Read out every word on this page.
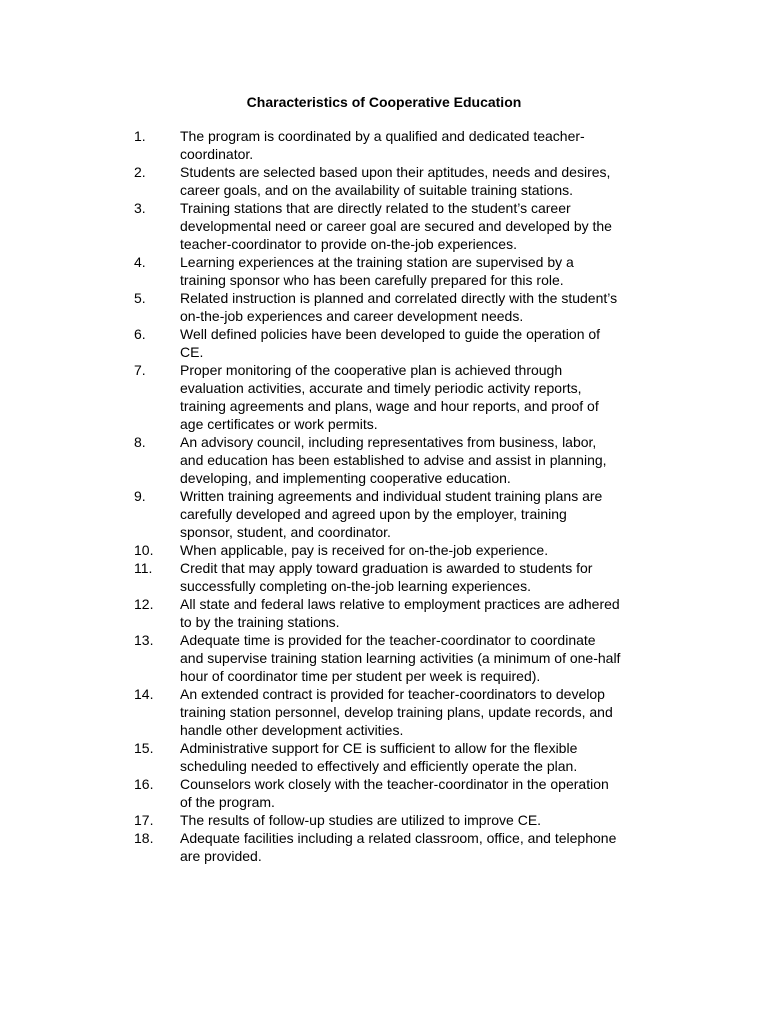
Characteristics of Cooperative Education
1.	The program is coordinated by a qualified and dedicated teacher-
coordinator.
2.	Students are selected based upon their aptitudes, needs and desires,
career goals, and on the availability of suitable training stations.
3.	Training stations that are directly related to the student’s career
developmental need or career goal are secured and developed by the
teacher-coordinator to provide on-the-job experiences.
4.	Learning experiences at the training station are supervised by a
training sponsor who has been carefully prepared for this role.
5.	Related instruction is planned and correlated directly with the student’s
on-the-job experiences and career development needs.
6.	Well defined policies have been developed to guide the operation of
CE.
7.	Proper monitoring of the cooperative plan is achieved through
evaluation activities, accurate and timely periodic activity reports,
training agreements and plans, wage and hour reports, and proof of
age certificates or work permits.
8.	An advisory council, including representatives from business, labor,
and education has been established to advise and assist in planning,
developing, and implementing cooperative education.
9.	Written training agreements and individual student training plans are
carefully developed and agreed upon by the employer, training
sponsor, student, and coordinator.
10.	When applicable, pay is received for on-the-job experience.
11.	Credit that may apply toward graduation is awarded to students for
successfully completing on-the-job learning experiences.
12.	All state and federal laws relative to employment practices are adhered
to by the training stations.
13.	Adequate time is provided for the teacher-coordinator to coordinate
and supervise training station learning activities (a minimum of one-half
hour of coordinator time per student per week is required).
14.	An extended contract is provided for teacher-coordinators to develop
training station personnel, develop training plans, update records, and
handle other development activities.
15.	Administrative support for CE is sufficient to allow for the flexible
scheduling needed to effectively and efficiently operate the plan.
16.	Counselors work closely with the teacher-coordinator in the operation
of the program.
17.	The results of follow-up studies are utilized to improve CE.
18.	Adequate facilities including a related classroom, office, and telephone
are provided.
